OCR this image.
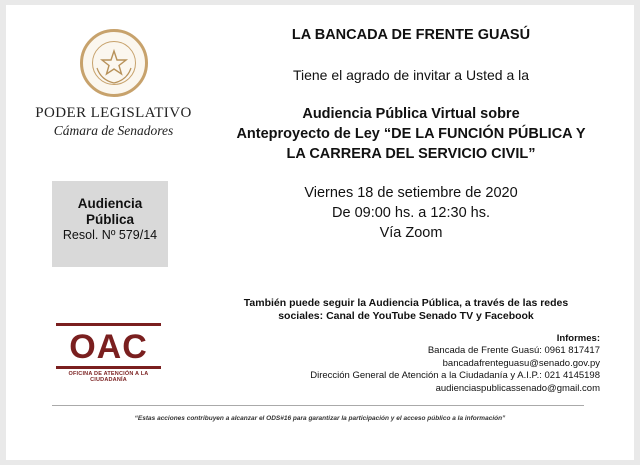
PODER LEGISLATIVO
Cámara de Senadores
Audiencia
Pública
Resol. Nº 579/14
LA BANCADA DE FRENTE GUASÚ
Tiene el agrado de invitar a Usted a la
Audiencia Pública Virtual sobre
Anteproyecto de Ley “DE LA FUNCIÓN PÚBLICA Y
LA CARRERA DEL SERVICIO CIVIL”
Viernes 18 de setiembre de 2020
De 09:00 hs. a 12:30 hs.
Vía Zoom
También puede seguir la Audiencia Pública, a través de las redes
sociales: Canal de YouTube Senado TV y Facebook
OAC
OFICINA DE ATENCIÓN A LA CIUDADANÍA
Informes:
Bancada de Frente Guasú: 0961 817417
bancadafrenteguasu@senado.gov.py
Dirección General de Atención a la Ciudadanía y A.I.P.: 021 4145198
audienciaspublicassenado@gmail.com
“Estas acciones contribuyen a alcanzar el ODS#16 para garantizar la participación y el acceso público a la información”
